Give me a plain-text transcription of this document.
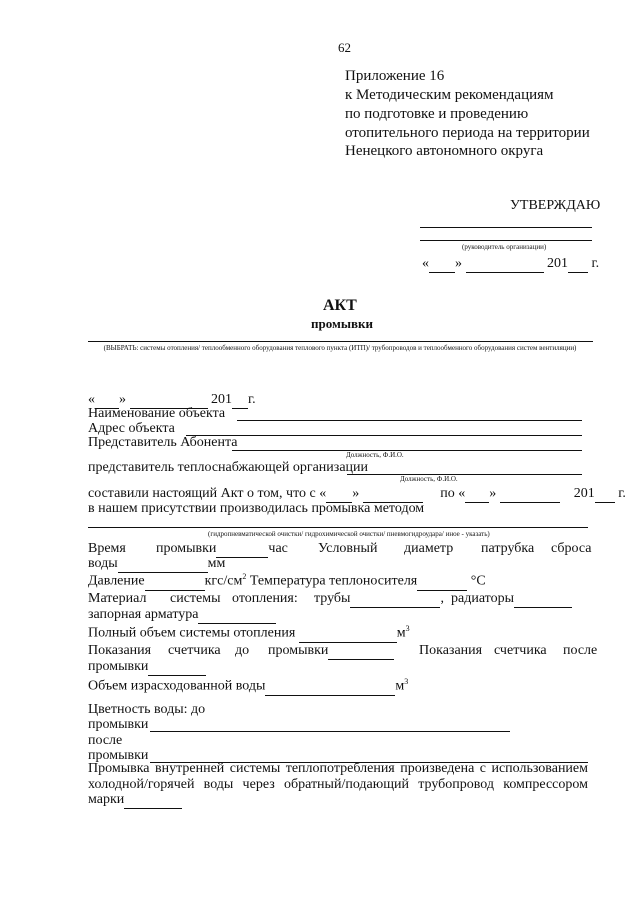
62
Приложение 16
к Методическим рекомендациям
по подготовке и проведению
отопительного периода на территории
Ненецкого автономного округа
УТВЕРЖДАЮ
(руководитель организации)
« »	201 г.
АКТ
промывки
(ВЫБРАТЬ: системы отопления/ теплообменного оборудования теплового пункта (ИТП)/ трубопроводов и теплообменного оборудования систем вентиляции)
« »	201 г.
Наименование объекта
Адрес объекта
Представитель Абонента
Должность, Ф.И.О.
представитель теплоснабжающей организации
Должность, Ф.И.О.
составили настоящий Акт о том, что с « »	по « »	201 г.
в нашем присутствии производилась промывка методом
(гидропневматической очистки/ гидрохимической очистки/ пневмогидроудара/ иное - указать)
Время промывки	час Условный диаметр патрубка сброса
воды	мм
Давление	кгс/$см^2$ Температура теплоносителя	°С
Материал системы отопления: трубы	, радиаторы
запорная арматура
Полный объем системы отопления	$м^3$
Показания счетчика до промывки	Показания счетчика после
промывки
Объем израсходованной воды	$м^3$
Цветность воды: до
промывки
после
промывки
Промывка внутренней системы теплопотребления произведена с использованием
холодной/горячей воды через обратный/подающий трубопровод компрессором
марки
